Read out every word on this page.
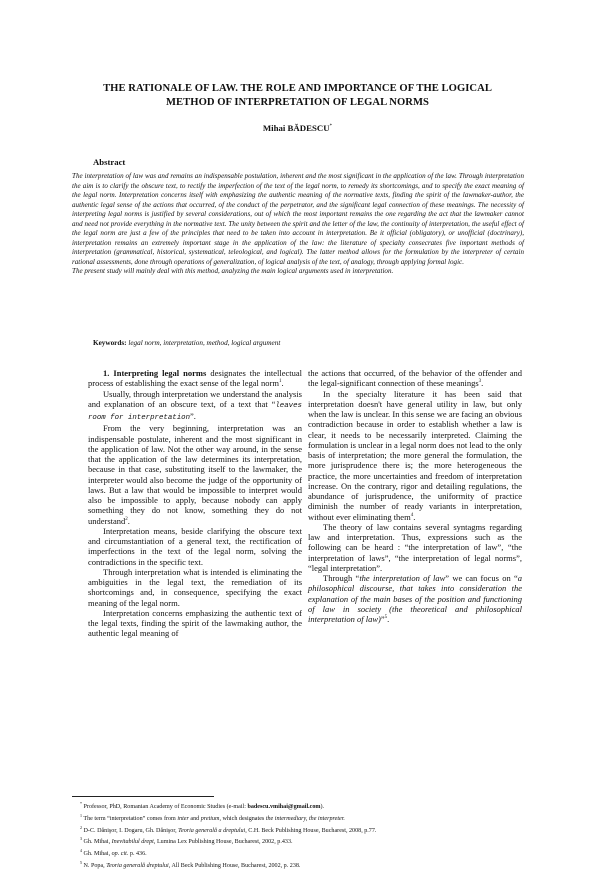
THE RATIONALE OF LAW. THE ROLE AND IMPORTANCE OF THE LOGICAL
METHOD OF INTERPRETATION OF LEGAL NORMS
Mihai BĂDESCU*
Abstract

The interpretation of law was and remains an indispensable postulation, inherent and the most significant in the application of the law. Through interpretation the aim is to clarify the obscure text, to rectify the imperfection of the text of the legal norm, to remedy its shortcomings, and to specify the exact meaning of the legal norm. Interpretation concerns itself with emphasizing the authentic meaning of the normative texts, finding the spirit of the lawmaker-author, the authentic legal sense of the actions that occurred, of the conduct of the perpetrator, and the significant legal connection of these meanings. The necessity of interpreting legal norms is justified by several considerations, out of which the most important remains the one regarding the act that the lawmaker cannot and need not provide everything in the normative text. The unity between the spirit and the letter of the law, the continuity of interpretation, the useful effect of the legal norm are just a few of the principles that need to be taken into account in interpretation. Be it official (obligatory), or unofficial (doctrinary), interpretation remains an extremely important stage in the application of the law: the literature of specialty consecrates five important methods of interpretation (grammatical, historical, systematical, teleological, and logical). The latter method allows for the formulation by the interpreter of certain rational assessments, done through operations of generalization, of logical analysis of the text, of analogy, through applying formal logic.

The present study will mainly deal with this method, analyzing the main logical arguments used in interpretation.

Keywords: legal norm, interpretation, method, logical argument

1. Interpreting legal norms designates the intellectual process of establishing the exact sense of the legal norm$^1$.

Usually, through interpretation we understand the analysis and explanation of an obscure text, of a text that “leaves room for interpretation”.

From the very beginning, interpretation was an indispensable postulate, inherent and the most significant in the application of law. Not the other way around, in the sense that the application of the law determines its interpretation, because in that case, substituting itself to the lawmaker, the interpreter would also become the judge of the opportunity of laws. But a law that would be impossible to interpret would also be impossible to apply, because nobody can apply something they do not know, something they do not understand$^2$.

Interpretation means, beside clarifying the obscure text and circumstantiation of a general text, the rectification of imperfections in the text of the legal norm, solving the contradictions in the specific text.

Through interpretation what is intended is eliminating the ambiguities in the legal text, the remediation of its shortcomings and, in consequence, specifying the exact meaning of the legal norm.

Interpretation concerns emphasizing the authentic text of the legal texts, finding the spirit of the lawmaking author, the authentic legal meaning of

the actions that occurred, of the behavior of the offender and the legal-significant connection of these meanings$^3$.

In the specialty literature it has been said that interpretation doesn't have general utility in law, but only when the law is unclear. In this sense we are facing an obvious contradiction because in order to establish whether a law is clear, it needs to be necessarily interpreted. Claiming the formulation is unclear in a legal norm does not lead to the only basis of interpretation; the more general the formulation, the more jurisprudence there is; the more heterogeneous the practice, the more uncertainties and freedom of interpretation increase. On the contrary, rigor and detailing regulations, the abundance of jurisprudence, the uniformity of practice diminish the number of ready variants in interpretation, without ever eliminating them$^4$.

The theory of law contains several syntagms regarding law and interpretation. Thus, expressions such as the following can be heard : “the interpretation of law”, “the interpretation of laws”, “the interpretation of legal norms”, “legal interpretation”.

Through “the interpretation of law” we can focus on “a philosophical discourse, that takes into consideration the explanation of the main bases of the position and functioning of law in society (the theoretical and philosophical interpretation of law)”$^5$.

* Professor, PhD, Romanian Academy of Economic Studies (e-mail: badescu.vmihai@gmail.com).
$^1$ The term “interpretation” comes from inter and pretium, which designates the intermediary, the interpreter.
$^2$ D-C. Dănişor, I. Dogaru, Gh. Dănişor, Teoria generală a dreptului, C.H. Beck Publishing House, Bucharest, 2008, p.77.
$^3$ Gh. Mihai, Inevitabilul drept, Lumina Lex Publishing House, Bucharest, 2002, p.433.
$^4$ Gh. Mihai, op. cit. p. 436.
$^5$ N. Popa, Teoria generală dreptului, All Beck Publishing House, Bucharest, 2002, p. 238.
